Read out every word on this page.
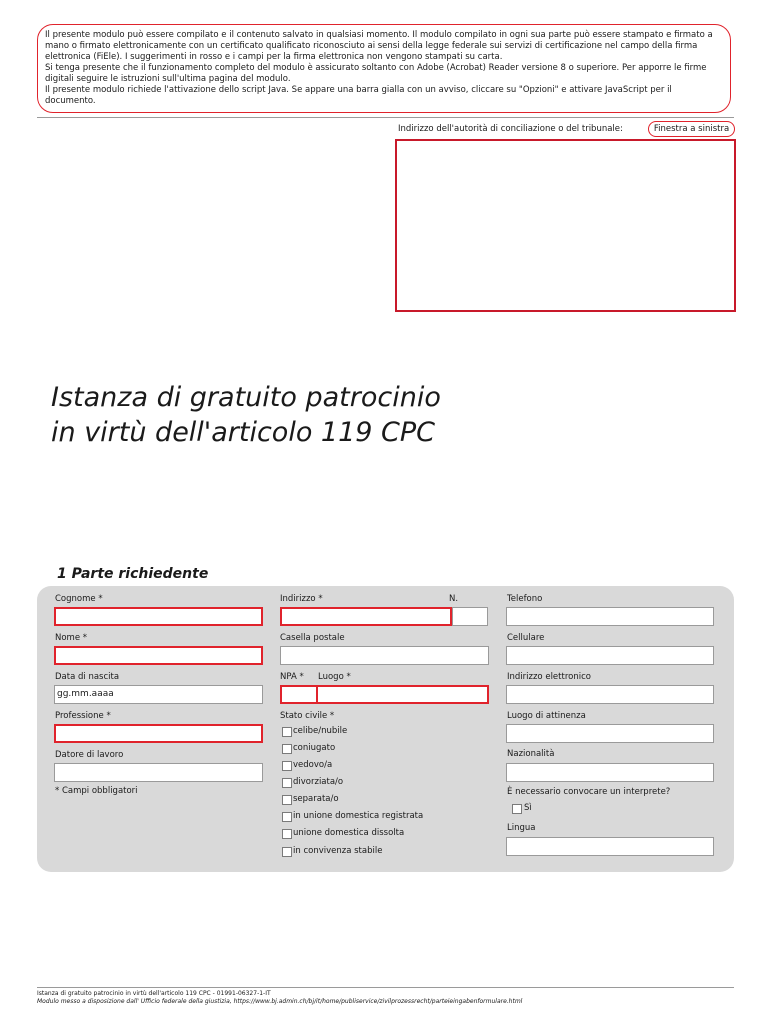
Il presente modulo può essere compilato e il contenuto salvato in qualsiasi momento. Il modulo compilato in ogni sua parte può essere stampato e firmato a mano o firmato elettronicamente con un certificato qualificato riconosciuto ai sensi della legge federale sui servizi di certificazione nel campo della firma elettronica (FiEle). I suggerimenti in rosso e i campi per la firma elettronica non vengono stampati su carta.
Si tenga presente che il funzionamento completo del modulo è assicurato soltanto con Adobe (Acrobat) Reader versione 8 o superiore. Per apporre le firme digitali seguire le istruzioni sull'ultima pagina del modulo.
Il presente modulo richiede l'attivazione dello script Java. Se appare una barra gialla con un avviso, cliccare su "Opzioni" e attivare JavaScript per il documento.
Indirizzo dell'autorità di conciliazione o del tribunale:	Finestra a sinistra
Istanza di gratuito patrocinio
in virtù dell'articolo 119 CPC
1 Parte richiedente
Cognome *
Nome *
Data di nascita
gg.mm.aaaa
Professione *
Datore di lavoro
* Campi obbligatori
Indirizzo *	N.
Casella postale
NPA * Luogo *
Stato civile *
celibe/nubile
coniugato
vedovo/a
divorziata/o
separata/o
in unione domestica registrata
unione domestica dissolta
in convivenza stabile
Telefono
Cellulare
Indirizzo elettronico
Luogo di attinenza
Nazionalità
È necessario convocare un interprete?
Sì
Lingua
Istanza di gratuito patrocinio in virtù dell'articolo 119 CPC - 01991-06327-1-IT
Modulo messo a disposizione dall' Ufficio federale della giustizia, https://www.bj.admin.ch/bj/it/home/publiservice/zivilprozessrecht/parteieingabenformulare.html
